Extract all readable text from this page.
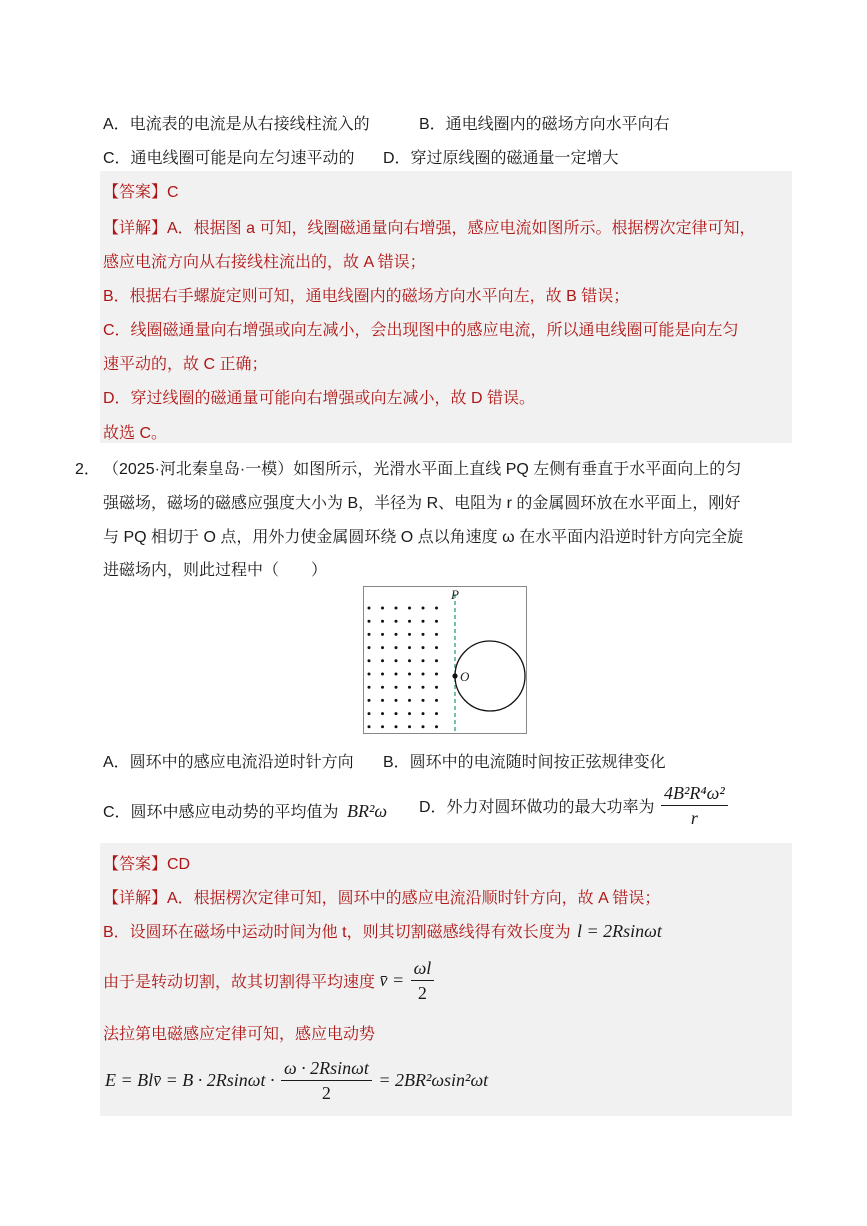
A．电流表的电流是从右接线柱流入的	B．通电线圈内的磁场方向水平向右
C．通电线圈可能是向左匀速平动的 D．穿过原线圈的磁通量一定增大
【答案】C
【详解】A．根据图 a 可知，线圈磁通量向右增强，感应电流如图所示。根据楞次定律可知，
感应电流方向从右接线柱流出的，故 A 错误；
B．根据右手螺旋定则可知，通电线圈内的磁场方向水平向左，故 B 错误；
C．线圈磁通量向右增强或向左减小，会出现图中的感应电流，所以通电线圈可能是向左匀
速平动的，故 C 正确；
D．穿过线圈的磁通量可能向右增强或向左减小，故 D 错误。
故选 C。
2． （2025·河北秦皇岛·一模）如图所示，光滑水平面上直线 PQ 左侧有垂直于水平面向上的匀
强磁场，磁场的磁感应强度大小为 B，半径为 R、电阻为 r 的金属圆环放在水平面上，刚好
与 PQ 相切于 O 点，用外力使金属圆环绕 O 点以角速度 ω 在水平面内沿逆时针方向完全旋
进磁场内，则此过程中（　　）
P
O
A．圆环中的感应电流沿逆时针方向 B．圆环中的电流随时间按正弦规律变化
C．圆环中感应电动势的平均值为 BR²ω D．外力对圆环做功的最大功率为 $\frac{\text{4B²R⁴ω²}}{r}$
【答案】CD
【详解】A．根据楞次定律可知，圆环中的感应电流沿顺时针方向，故 A 错误；
B．设圆环在磁场中运动时间为他 t，则其切割磁感线得有效长度为 l = 2Rsinωt
由于是转动切割，故其切割得平均速度 v̄ = $\frac{\omega l}{2}$
法拉第电磁感应定律可知，感应电动势
E = Blv̄ = $B \cdot 2Rsin\omega t \cdot \frac{\omega \cdot 2Rsin\omega t}{2} = 2BR^2\omega\sin^2\omega t$
